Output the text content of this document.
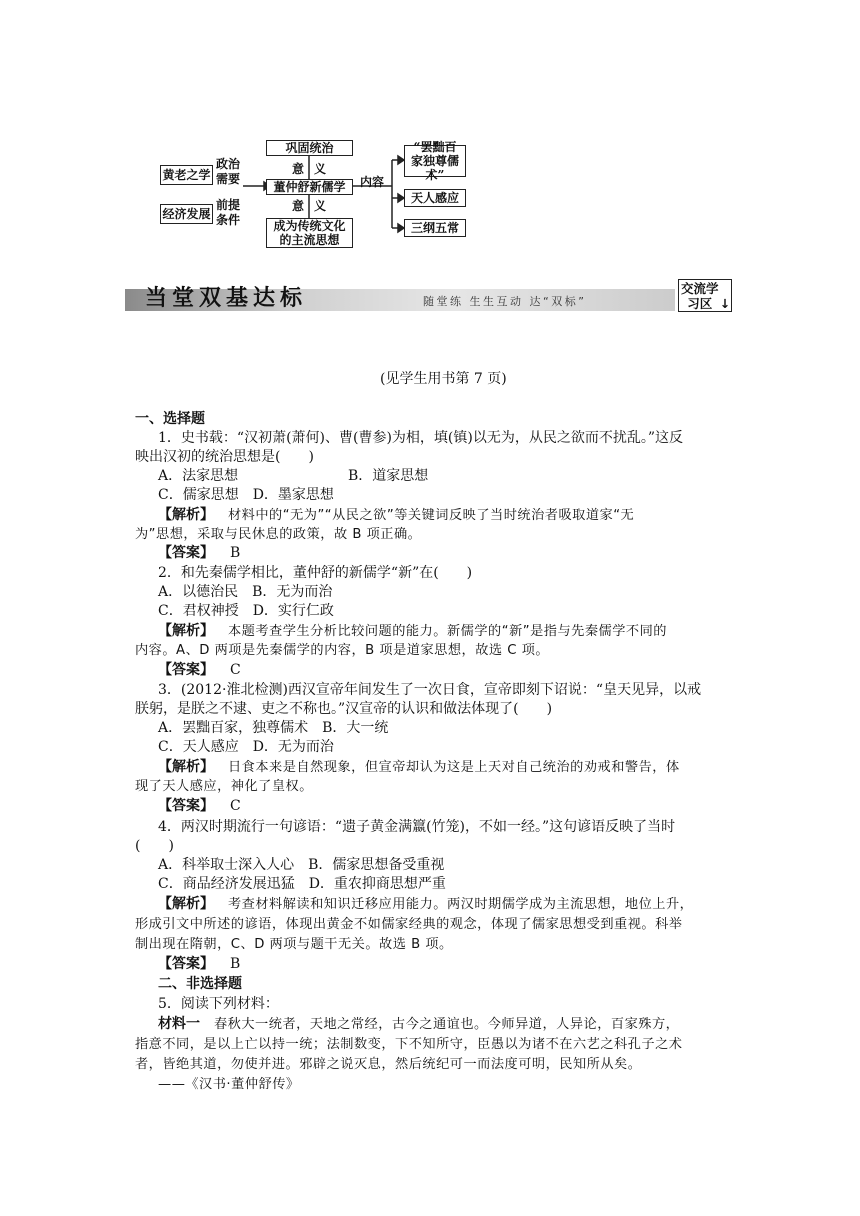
黄老之学
经济发展
政治
需要
前提
条件
巩固统治
意 义
董仲舒新儒学
意 义
成为传统文化的主流思想
内容
“罢黜百家独尊儒术”
天人感应
三纲五常
当堂双基达标	随堂练 生生互动 达“双标”
交流学习区 ↓
(见学生用书第 7 页)
一、选择题
1．史书载：“汉初萧(萧何)、曹(曹参)为相，填(镇)以无为，从民之欲而不扰乱。”这反
映出汉初的统治思想是(　　)
A．法家思想	B．道家思想
C．儒家思想　D．墨家思想
【解析】 材料中的“无为”“从民之欲”等关键词反映了当时统治者吸取道家“无
为”思想，采取与民休息的政策，故 B 项正确。
【答案】 B
2．和先秦儒学相比，董仲舒的新儒学“新”在(　　)
A．以德治民　B．无为而治
C．君权神授　D．实行仁政
【解析】 本题考查学生分析比较问题的能力。新儒学的“新”是指与先秦儒学不同的
内容。A、D 两项是先秦儒学的内容，B 项是道家思想，故选 C 项。
【答案】 C
3．(2012·淮北检测)西汉宣帝年间发生了一次日食，宣帝即刻下诏说：“皇天见异，以戒
朕躬，是朕之不逮、吏之不称也。”汉宣帝的认识和做法体现了(　　)
A．罢黜百家，独尊儒术　B．大一统
C．天人感应　D．无为而治
【解析】 日食本来是自然现象，但宣帝却认为这是上天对自己统治的劝戒和警告，体
现了天人感应，神化了皇权。
【答案】 C
4．两汉时期流行一句谚语：“遗子黄金满籝(竹笼)，不如一经。”这句谚语反映了当时
(　　)
A．科举取士深入人心　B．儒家思想备受重视
C．商品经济发展迅猛　D．重农抑商思想严重
【解析】 考查材料解读和知识迁移应用能力。两汉时期儒学成为主流思想，地位上升，
形成引文中所述的谚语，体现出黄金不如儒家经典的观念，体现了儒家思想受到重视。科举
制出现在隋朝，C、D 两项与题干无关。故选 B 项。
【答案】 B
二、非选择题
5．阅读下列材料：
材料一 春秋大一统者，天地之常经，古今之通谊也。今师异道，人异论，百家殊方，
指意不同，是以上亡以持一统；法制数变，下不知所守，臣愚以为诸不在六艺之科孔子之术
者，皆绝其道，勿使并进。邪辟之说灭息，然后统纪可一而法度可明，民知所从矣。
——《汉书·董仲舒传》
